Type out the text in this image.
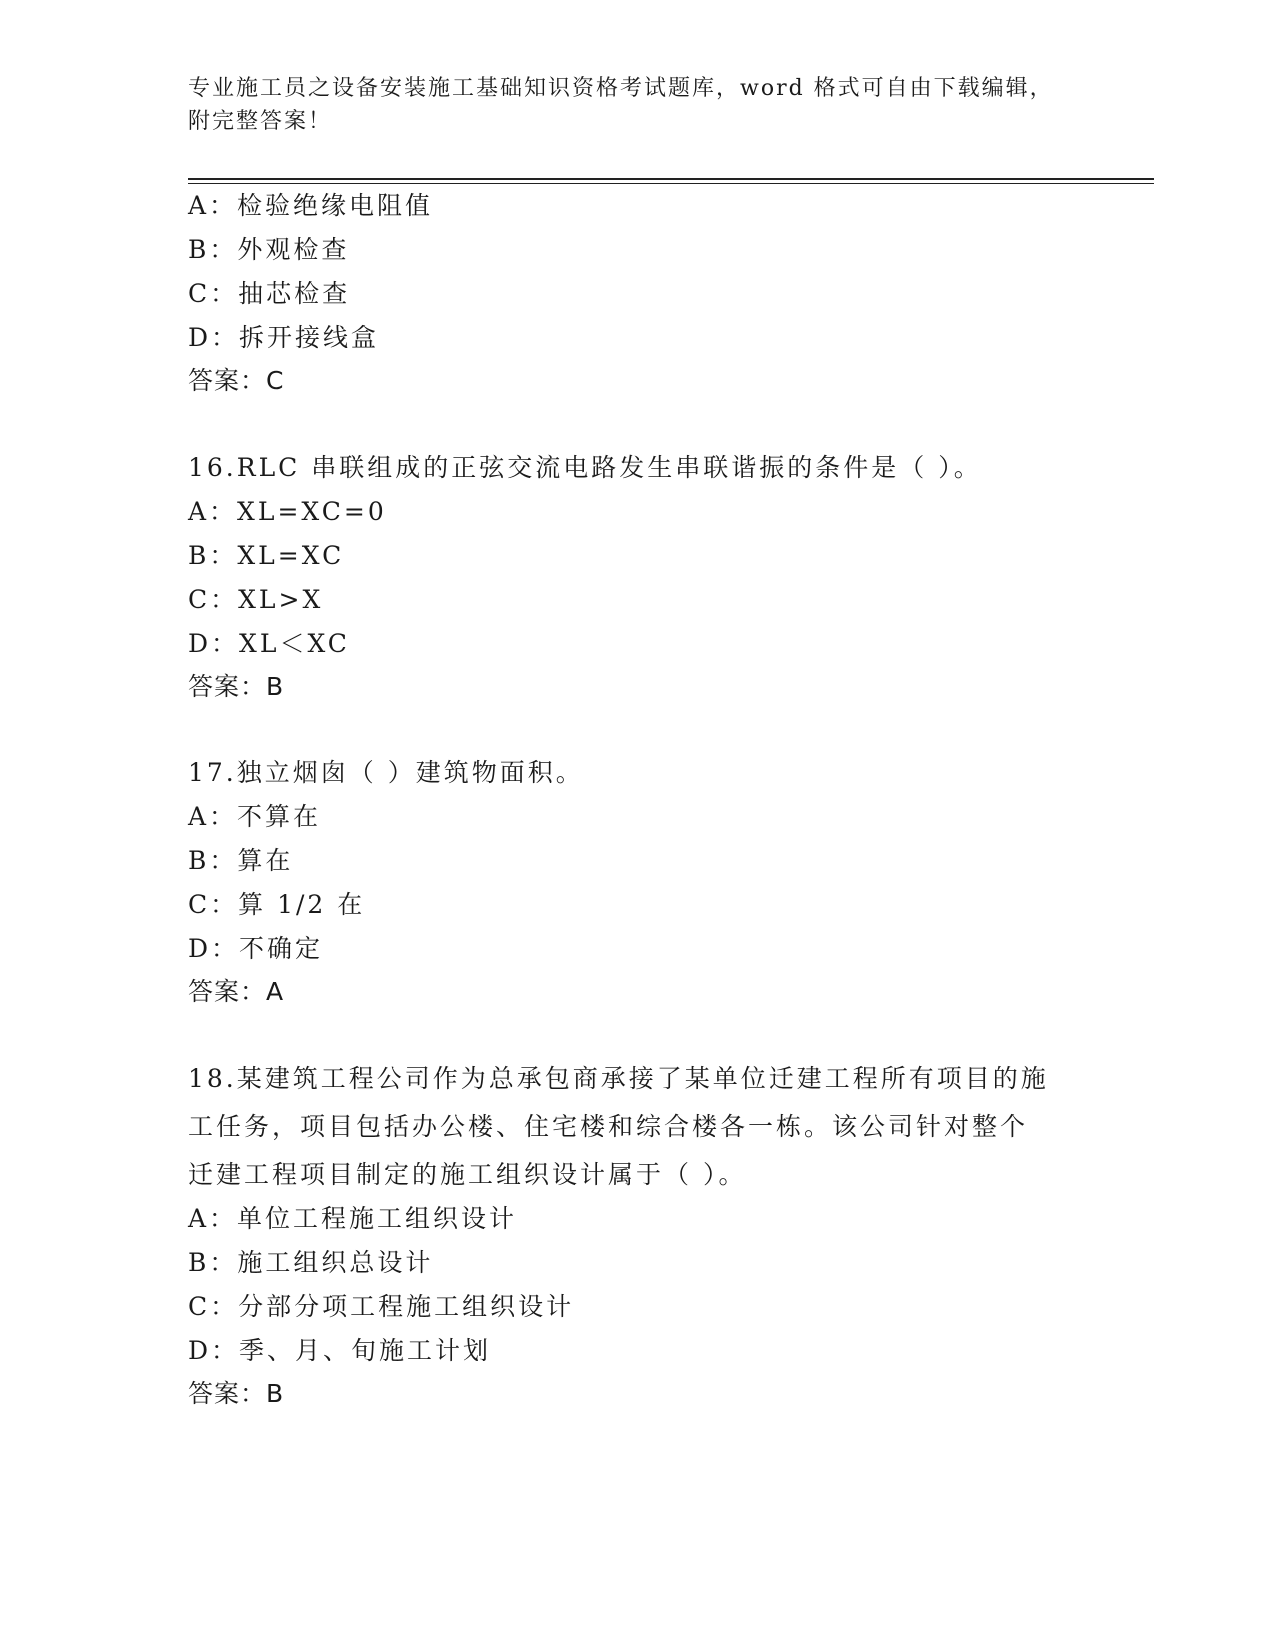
专业施工员之设备安装施工基础知识资格考试题库，word 格式可自由下载编辑，
附完整答案！
A：检验绝缘电阻值
B：外观检查
C：抽芯检查
D：拆开接线盒
答案：C
16.RLC 串联组成的正弦交流电路发生串联谐振的条件是（ ）。
A：XL=XC=0
B：XL=XC
C：XL>X
D：XL＜XC
答案：B
17.独立烟囱（ ）建筑物面积。
A：不算在
B：算在
C：算 1/2 在
D：不确定
答案：A
18.某建筑工程公司作为总承包商承接了某单位迁建工程所有项目的施
工任务，项目包括办公楼、住宅楼和综合楼各一栋。该公司针对整个
迁建工程项目制定的施工组织设计属于（ ）。
A：单位工程施工组织设计
B：施工组织总设计
C：分部分项工程施工组织设计
D：季、月、旬施工计划
答案：B
